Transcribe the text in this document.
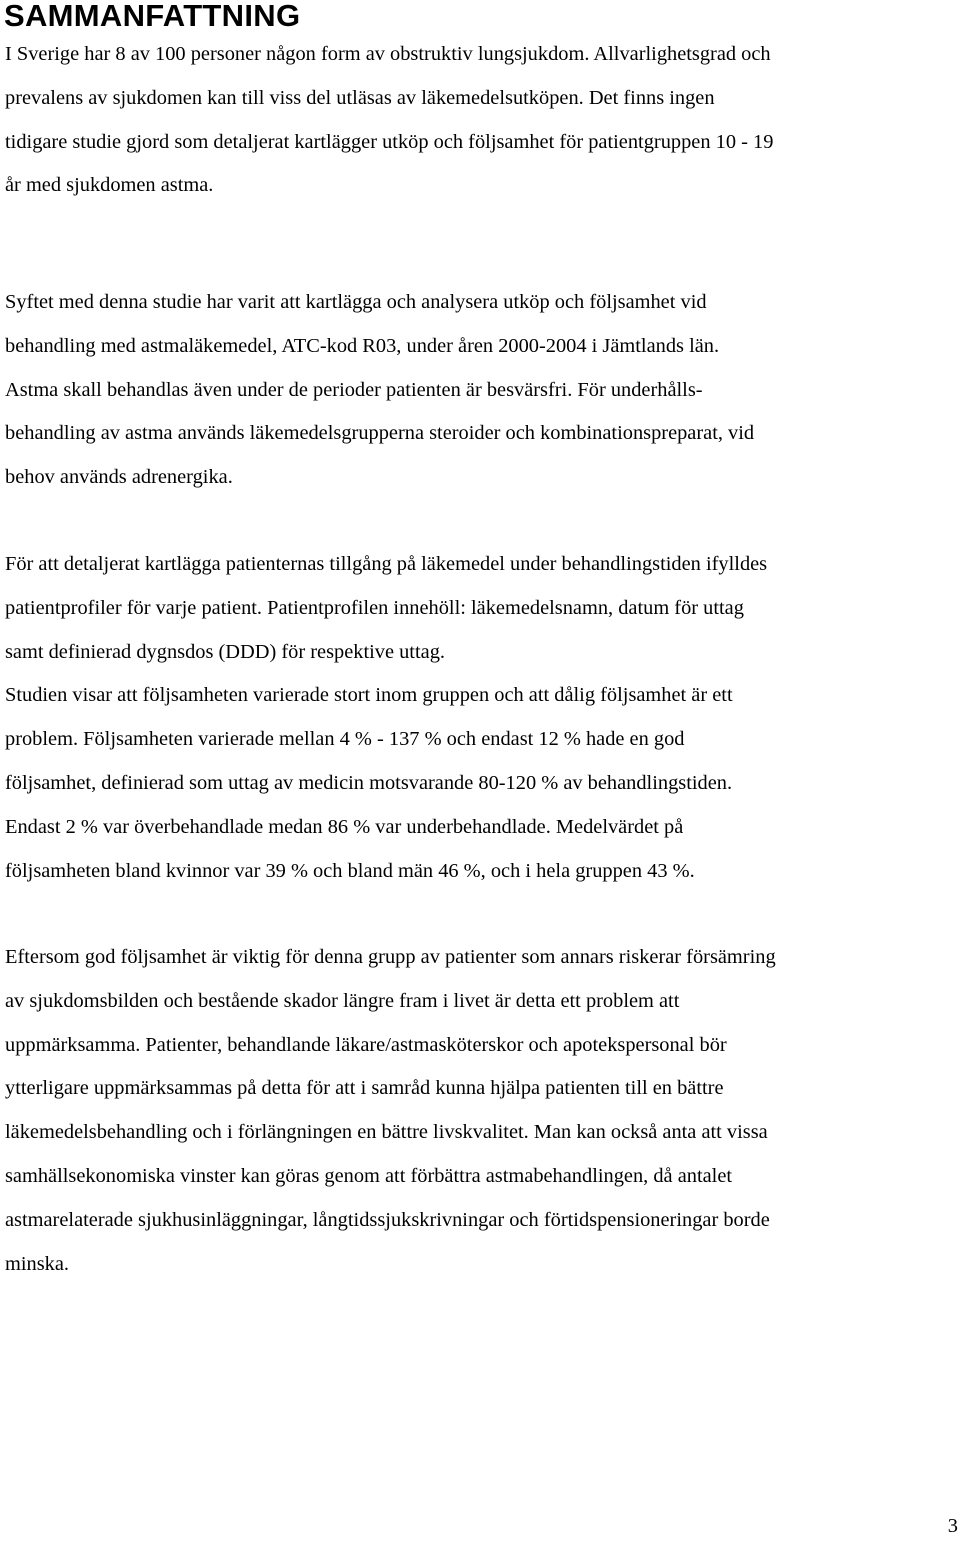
SAMMANFATTNING

I Sverige har 8 av 100 personer någon form av obstruktiv lungsjukdom. Allvarlighetsgrad och
prevalens av sjukdomen kan till viss del utläsas av läkemedelsutköpen. Det finns ingen
tidigare studie gjord som detaljerat kartlägger utköp och följsamhet för patientgruppen 10 - 19
år med sjukdomen astma.

Syftet med denna studie har varit att kartlägga och analysera utköp och följsamhet vid
behandling med astmaläkemedel, ATC-kod R03, under åren 2000-2004 i Jämtlands län.
Astma skall behandlas även under de perioder patienten är besvärsfri. För underhålls-
behandling av astma används läkemedelsgrupperna steroider och kombinationspreparat, vid
behov används adrenergika.

För att detaljerat kartlägga patienternas tillgång på läkemedel under behandlingstiden ifylldes
patientprofiler för varje patient. Patientprofilen innehöll: läkemedelsnamn, datum för uttag
samt definierad dygnsdos (DDD) för respektive uttag.
Studien visar att följsamheten varierade stort inom gruppen och att dålig följsamhet är ett
problem. Följsamheten varierade mellan 4 % - 137 % och endast 12 % hade en god
följsamhet, definierad som uttag av medicin motsvarande 80-120 % av behandlingstiden.
Endast 2 % var överbehandlade medan 86 % var underbehandlade. Medelvärdet på
följsamheten bland kvinnor var 39 % och bland män 46 %, och i hela gruppen 43 %.

Eftersom god följsamhet är viktig för denna grupp av patienter som annars riskerar försämring
av sjukdomsbilden och bestående skador längre fram i livet är detta ett problem att
uppmärksamma. Patienter, behandlande läkare/astmasköterskor och apotekspersonal bör
ytterligare uppmärksammas på detta för att i samråd kunna hjälpa patienten till en bättre
läkemedelsbehandling och i förlängningen en bättre livskvalitet. Man kan också anta att vissa
samhällsekonomiska vinster kan göras genom att förbättra astmabehandlingen, då antalet
astmarelaterade sjukhusinläggningar, långtidssjukskrivningar och förtidspensioneringar borde
minska.

3
